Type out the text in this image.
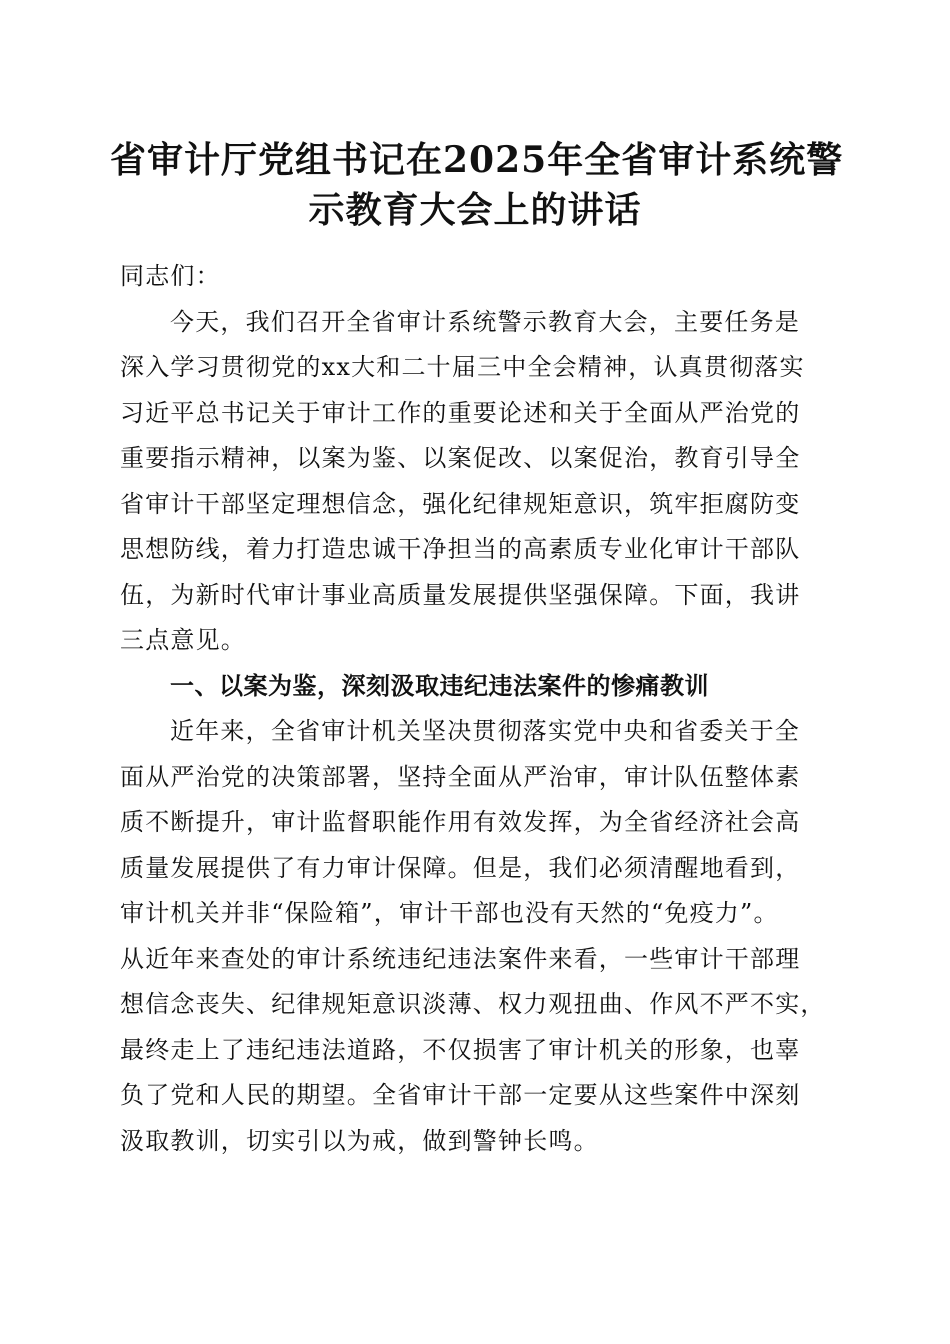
省审计厅党组书记在2025年全省审计系统警
示教育大会上的讲话

同志们：

今天，我们召开全省审计系统警示教育大会，主要任务是
深入学习贯彻党的xx大和二十届三中全会精神，认真贯彻落实
习近平总书记关于审计工作的重要论述和关于全面从严治党的
重要指示精神，以案为鉴、以案促改、以案促治，教育引导全
省审计干部坚定理想信念，强化纪律规矩意识，筑牢拒腐防变
思想防线，着力打造忠诚干净担当的高素质专业化审计干部队
伍，为新时代审计事业高质量发展提供坚强保障。下面，我讲
三点意见。

一、以案为鉴，深刻汲取违纪违法案件的惨痛教训

近年来，全省审计机关坚决贯彻落实党中央和省委关于全
面从严治党的决策部署，坚持全面从严治审，审计队伍整体素
质不断提升，审计监督职能作用有效发挥，为全省经济社会高
质量发展提供了有力审计保障。但是，我们必须清醒地看到，
审计机关并非“保险箱”，审计干部也没有天然的“免疫力”。
从近年来查处的审计系统违纪违法案件来看，一些审计干部理
想信念丧失、纪律规矩意识淡薄、权力观扭曲、作风不严不实，
最终走上了违纪违法道路，不仅损害了审计机关的形象，也辜
负了党和人民的期望。全省审计干部一定要从这些案件中深刻
汲取教训，切实引以为戒，做到警钟长鸣。
